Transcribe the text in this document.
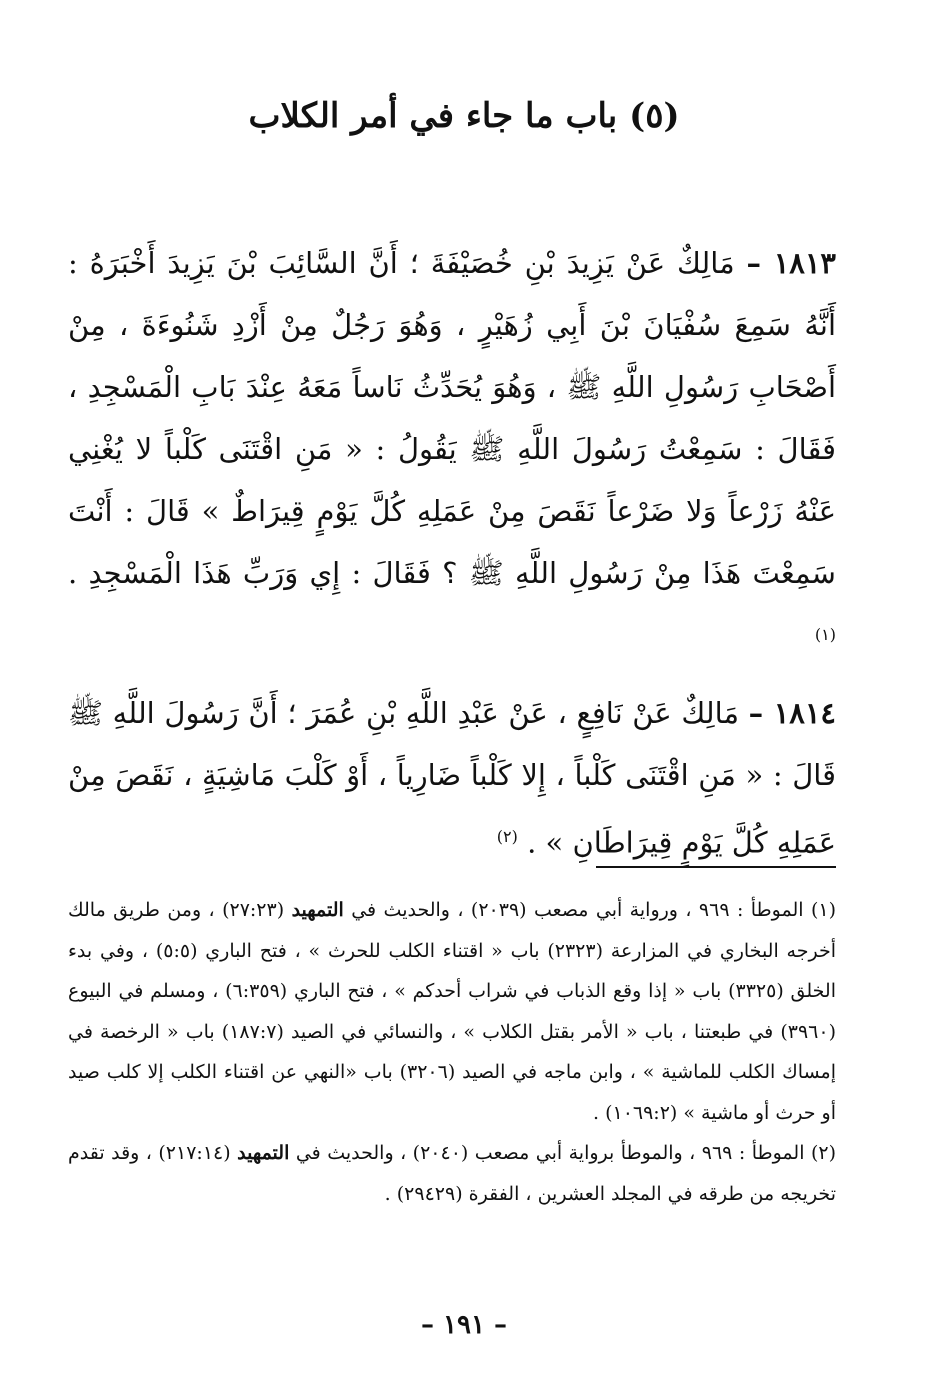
(٥) باب ما جاء في أمر الكلاب

١٨١٣ – مَالِكٌ عَنْ يَزِيدَ بْنِ خُصَيْفَةَ ؛ أَنَّ السَّائِبَ بْنَ يَزِيدَ أَخْبَرَهُ : أَنَّهُ سَمِعَ سُفْيَانَ بْنَ أَبِي زُهَيْرٍ ، وَهُوَ رَجُلٌ مِنْ أَزْدِ شَنُوءَةَ ، مِنْ أَصْحَابِ رَسُولِ اللَّهِ ﷺ ، وَهُوَ يُحَدِّثُ نَاساً مَعَهُ عِنْدَ بَابِ الْمَسْجِدِ ، فَقَالَ : سَمِعْتُ رَسُولَ اللَّهِ ﷺ يَقُولُ : « مَنِ اقْتَنَى كَلْباً لا يُغْنِي عَنْهُ زَرْعاً وَلا ضَرْعاً نَقَصَ مِنْ عَمَلِهِ كُلَّ يَوْمٍ قِيرَاطٌ » قَالَ : أَنْتَ سَمِعْتَ هَذَا مِنْ رَسُولِ اللَّهِ ﷺ ؟ فَقَالَ : إِي وَرَبِّ هَذَا الْمَسْجِدِ . $^{(١)}$

١٨١٤ – مَالِكٌ عَنْ نَافِعٍ ، عَنْ عَبْدِ اللَّهِ بْنِ عُمَرَ ؛ أَنَّ رَسُولَ اللَّهِ ﷺ قَالَ : « مَنِ اقْتَنَى كَلْباً ، إِلا كَلْباً ضَارِياً ، أَوْ كَلْبَ مَاشِيَةٍ ، نَقَصَ مِنْ عَمَلِهِ كُلَّ يَوْمٍ قِيرَاطَانِ » . $^{(٢)}$

(١) الموطأ : ٩٦٩ ، ورواية أبي مصعب (٢٠٣٩) ، والحديث في التمهيد (٢٧:٢٣) ، ومن طريق مالك أخرجه البخاري في المزارعة (٢٣٢٣) باب « اقتناء الكلب للحرث » ، فتح الباري (٥:٥) ، وفي بدء الخلق (٣٣٢٥) باب « إذا وقع الذباب في شراب أحدكم » ، فتح الباري (٦:٣٥٩) ، ومسلم في البيوع (٣٩٦٠) في طبعتنا ، باب « الأمر بقتل الكلاب » ، والنسائي في الصيد (١٨٧:٧) باب « الرخصة في إمساك الكلب للماشية » ، وابن ماجه في الصيد (٣٢٠٦) باب «النهي عن اقتناء الكلب إلا كلب صيد أو حرث أو ماشية » (١٠٦٩:٢) .

(٢) الموطأ : ٩٦٩ ، والموطأ برواية أبي مصعب (٢٠٤٠) ، والحديث في التمهيد (٢١٧:١٤) ، وقد تقدم تخريجه من طرقه في المجلد العشرين ، الفقرة (٢٩٤٢٩) .

– ١٩١ –
